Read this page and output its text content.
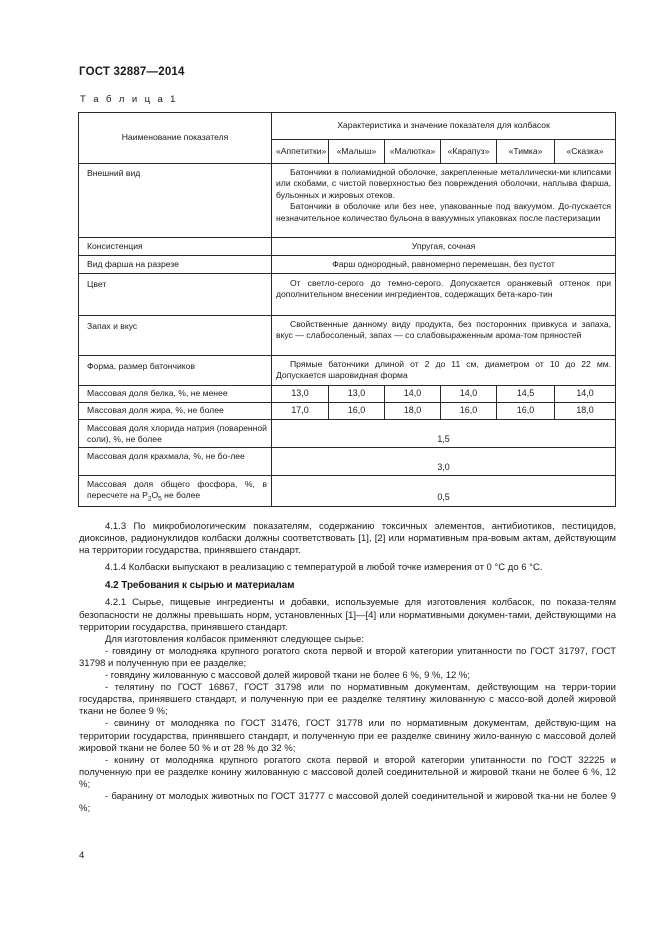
ГОСТ 32887—2014
Т а б л и ц а 1
Наименование показателя	Характеристика и значение показателя для колбасок					
	«Аппетитки»	«Малыш»	«Малютка»	«Карапуз»	«Тимка»	«Сказка»
Внешний вид	Батончики в полиамидной оболочке, закрепленные металлически-ми клипсами или скобами, с чистой поверхностью без повреждения оболочки, наплыва фарша, бульонных и жировых отеков.

Батончики в оболочке или без нее, упакованные под вакуумом. До-пускается незначительное количество бульона в вакуумных упаковках после пастеризации					

Консистенция	Упругая, сочная					
Вид фарша на разрезе	Фарш однородный, равномерно перемешан, без пустот					
Цвет	От светло-серого до темно-серого. Допускается оранжевый оттенок при дополнительном внесении ингредиентов, содержащих бета-каро-тин					

Запах и вкус	Свойственные данному виду продукта, без посторонних привкуса и запаха, вкус — слабосоленый, запах — со слабовыраженным арома-том пряностей					

Форма, размер батончиков	Прямые батончики длиной от 2 до 11 см, диаметром от 10 до 22 мм. Допускается шаровидная форма					

Массовая доля белка, %, не менее	13,0	13,0	14,0	14,0	14,5	14,0
Массовая доля жира, %, не более	17,0	16,0	18,0	16,0	16,0	18,0
Массовая доля хлорида натрия (поваренной соли), %, не более	1,5					
Массовая доля крахмала, %, не бо-лее	3,0					
Массовая доля общего фосфора, %, в пересчете на $P_2O_5$ не более	0,5					

4.1.3 По микробиологическим показателям, содержанию токсичных элементов, антибиотиков, пестицидов, диоксинов, радионуклидов колбаски должны соответствовать [1], [2] или нормативным пра-вовым актам, действующим на территории государства, принявшего стандарт.

4.1.4 Колбаски выпускают в реализацию с температурой в любой точке измерения от 0 °С до 6 °С.

4.2 Требования к сырью и материалам

4.2.1 Сырье, пищевые ингредиенты и добавки, используемые для изготовления колбасок, по показа-телям безопасности не должны превышать норм, установленных [1]—[4] или нормативными докумен-тами, действующими на территории государства, принявшего стандарт.

Для изготовления колбасок применяют следующее сырье:

- говядину от молодняка крупного рогатого скота первой и второй категории упитанности по ГОСТ 31797, ГОСТ 31798 и полученную при ее разделке;

- говядину жилованную с массовой долей жировой ткани не более 6 %, 9 %, 12 %;

- телятину по ГОСТ 16867, ГОСТ 31798 или по нормативным документам, действующим на терри-тории государства, принявшего стандарт, и полученную при ее разделке телятину жилованную с массо-вой долей жировой ткани не более 9 %;

- свинину от молодняка по ГОСТ 31476, ГОСТ 31778 или по нормативным документам, действую-щим на территории государства, принявшего стандарт, и полученную при ее разделке свинину жило-ванную с массовой долей жировой ткани не более 50 % и от 28 % до 32 %;

- конину от молодняка крупного рогатого скота первой и второй категории упитанности по ГОСТ 32225 и полученную при ее разделке конину жилованную с массовой долей соединительной и жировой ткани не более 6 %, 12 %;

- баранину от молодых животных по ГОСТ 31777 с массовой долей соединительной и жировой тка-ни не более 9 %;

4
